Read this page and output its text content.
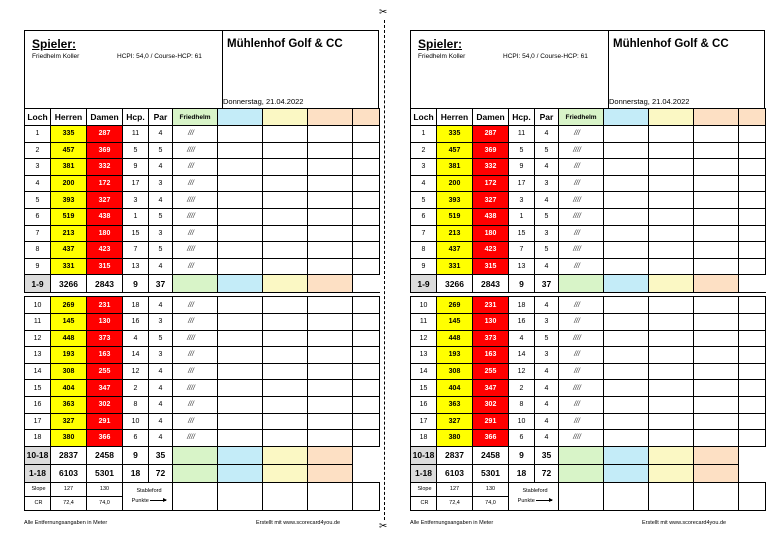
✂
✂
Spieler:
Friedhelm Koller	HCPI: 54,0 / Course-HCP: 61
Mühlenhof Golf & CC
Donnerstag, 21.04.2022
Loch	Herren	Damen	Hcp.	Par	Friedhelm				
1	335	287	11	4	///				
2	457	369	5	5	////				
3	381	332	9	4	///				
4	200	172	17	3	///				
5	393	327	3	4	////				
6	519	438	1	5	////				
7	213	180	15	3	///				
8	437	423	7	5	////				
9	331	315	13	4	///				
1-9	3266	2843	9	37					

10	269	231	18	4	///				
11	145	130	16	3	///				
12	448	373	4	5	////				
13	193	163	14	3	///				
14	308	255	12	4	///				
15	404	347	2	4	////				
16	363	302	8	4	///				
17	327	291	10	4	///				
18	380	366	6	4	////				
10-18	2837	2458	9	35					
1-18	6103	5301	18	72					
Slope	127	130	Stableford
Punkte						
CR	72,4	74,0							
Spieler:
Friedhelm Koller	HCPI: 54,0 / Course-HCP: 61
Mühlenhof Golf & CC
Donnerstag, 21.04.2022
Loch	Herren	Damen	Hcp.	Par	Friedhelm				
1	335	287	11	4	///				
2	457	369	5	5	////				
3	381	332	9	4	///				
4	200	172	17	3	///				
5	393	327	3	4	////				
6	519	438	1	5	////				
7	213	180	15	3	///				
8	437	423	7	5	////				
9	331	315	13	4	///				
1-9	3266	2843	9	37					

10	269	231	18	4	///				
11	145	130	16	3	///				
12	448	373	4	5	////				
13	193	163	14	3	///				
14	308	255	12	4	///				
15	404	347	2	4	////				
16	363	302	8	4	///				
17	327	291	10	4	///				
18	380	366	6	4	////				
10-18	2837	2458	9	35					
1-18	6103	5301	18	72					
Slope	127	130	Stableford
Punkte						
CR	72,4	74,0							
Alle Entfernungsangaben in Meter	Erstellt mit www.scorecard4you.de	Alle Entfernungsangaben in Meter	Erstellt mit www.scorecard4you.de
